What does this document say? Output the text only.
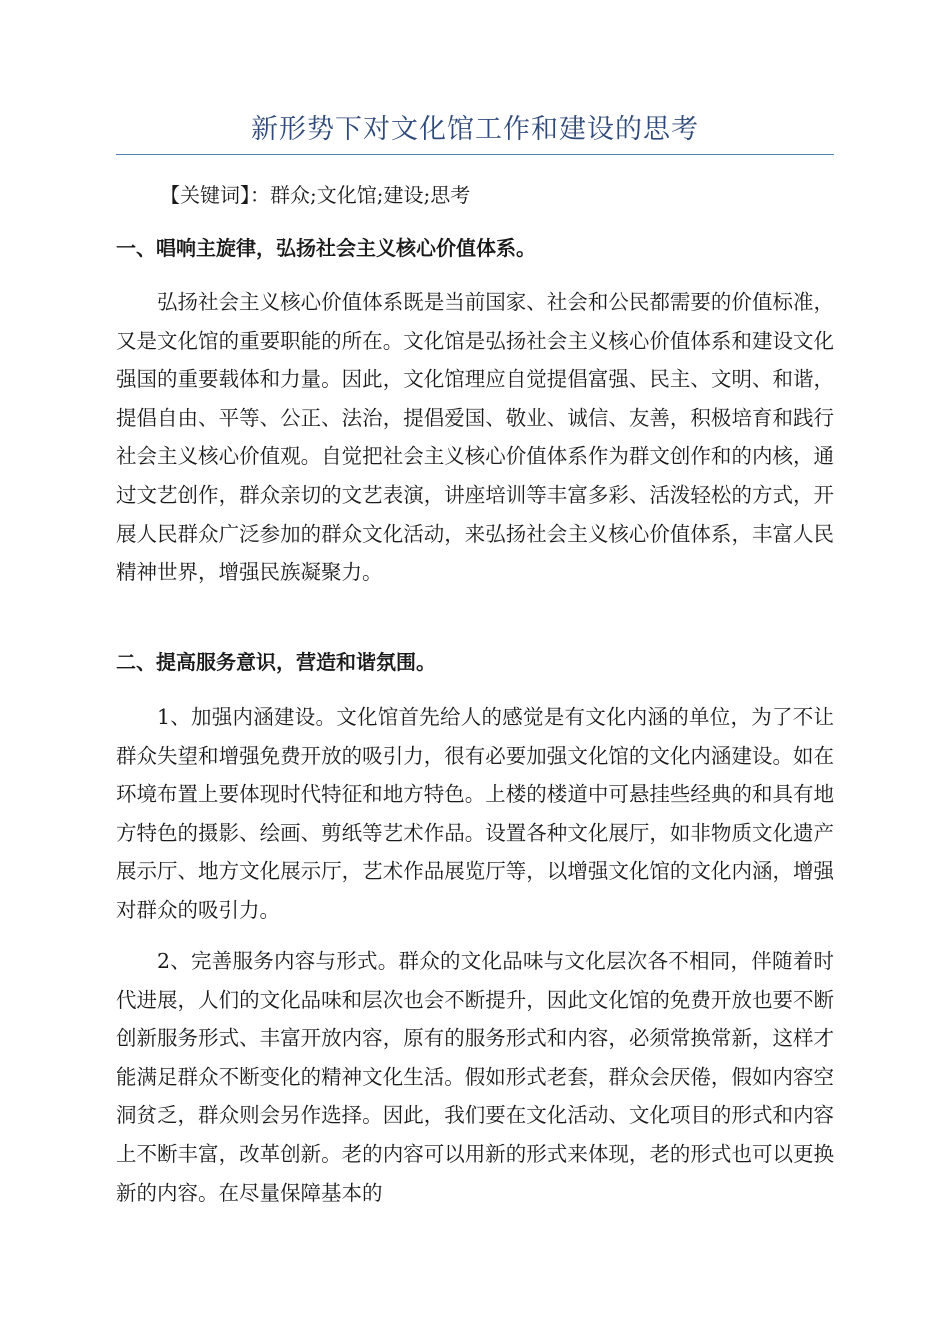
新形势下对文化馆工作和建设的思考
【关键词】：群众;文化馆;建设;思考
一、唱响主旋律，弘扬社会主义核心价值体系。
弘扬社会主义核心价值体系既是当前国家、社会和公民都需要的价值标准，又是文化馆的重要职能的所在。文化馆是弘扬社会主义核心价值体系和建设文化强国的重要载体和力量。因此，文化馆理应自觉提倡富强、民主、文明、和谐，提倡自由、平等、公正、法治，提倡爱国、敬业、诚信、友善，积极培育和践行社会主义核心价值观。自觉把社会主义核心价值体系作为群文创作和的内核，通过文艺创作，群众亲切的文艺表演，讲座培训等丰富多彩、活泼轻松的方式，开展人民群众广泛参加的群众文化活动，来弘扬社会主义核心价值体系，丰富人民精神世界，增强民族凝聚力。
二、提高服务意识，营造和谐氛围。
1、加强内涵建设。文化馆首先给人的感觉是有文化内涵的单位，为了不让群众失望和增强免费开放的吸引力，很有必要加强文化馆的文化内涵建设。如在环境布置上要体现时代特征和地方特色。上楼的楼道中可悬挂些经典的和具有地方特色的摄影、绘画、剪纸等艺术作品。设置各种文化展厅，如非物质文化遗产展示厅、地方文化展示厅，艺术作品展览厅等，以增强文化馆的文化内涵，增强对群众的吸引力。
2、完善服务内容与形式。群众的文化品味与文化层次各不相同，伴随着时代进展，人们的文化品味和层次也会不断提升，因此文化馆的免费开放也要不断创新服务形式、丰富开放内容，原有的服务形式和内容，必须常换常新，这样才能满足群众不断变化的精神文化生活。假如形式老套，群众会厌倦，假如内容空洞贫乏，群众则会另作选择。因此，我们要在文化活动、文化项目的形式和内容上不断丰富，改革创新。老的内容可以用新的形式来体现，老的形式也可以更换新的内容。在尽量保障基本的
